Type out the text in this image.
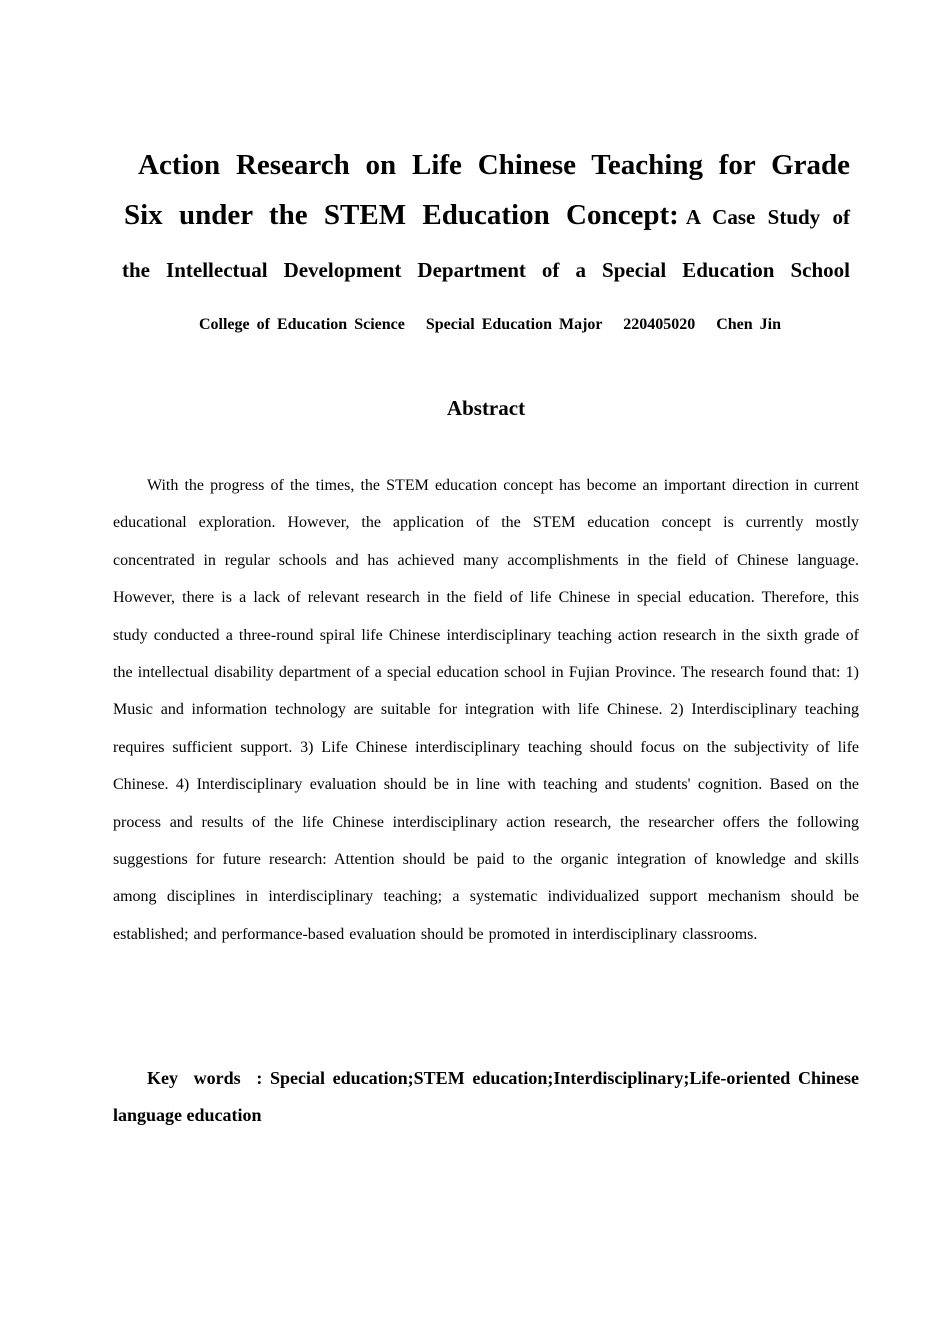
Action Research on Life Chinese Teaching for Grade
Six under the STEM Education Concept: A Case Study of
the Intellectual Development Department of a Special Education School
College of Education Science   Special Education Major   220405020   Chen Jin
Abstract

With the progress of the times, the STEM education concept has become an important direction in current educational exploration. However, the application of the STEM education concept is currently mostly concentrated in regular schools and has achieved many accomplishments in the field of Chinese language. However, there is a lack of relevant research in the field of life Chinese in special education. Therefore, this study conducted a three-round spiral life Chinese interdisciplinary teaching action research in the sixth grade of the intellectual disability department of a special education school in Fujian Province. The research found that: 1) Music and information technology are suitable for integration with life Chinese. 2) Interdisciplinary teaching requires sufficient support. 3) Life Chinese interdisciplinary teaching should focus on the subjectivity of life Chinese. 4) Interdisciplinary evaluation should be in line with teaching and students' cognition. Based on the process and results of the life Chinese interdisciplinary action research, the researcher offers the following suggestions for future research: Attention should be paid to the organic integration of knowledge and skills among disciplines in interdisciplinary teaching; a systematic individualized support mechanism should be established; and performance-based evaluation should be promoted in interdisciplinary classrooms.

Key words : Special education;STEM education;Interdisciplinary;Life-oriented Chinese language education
